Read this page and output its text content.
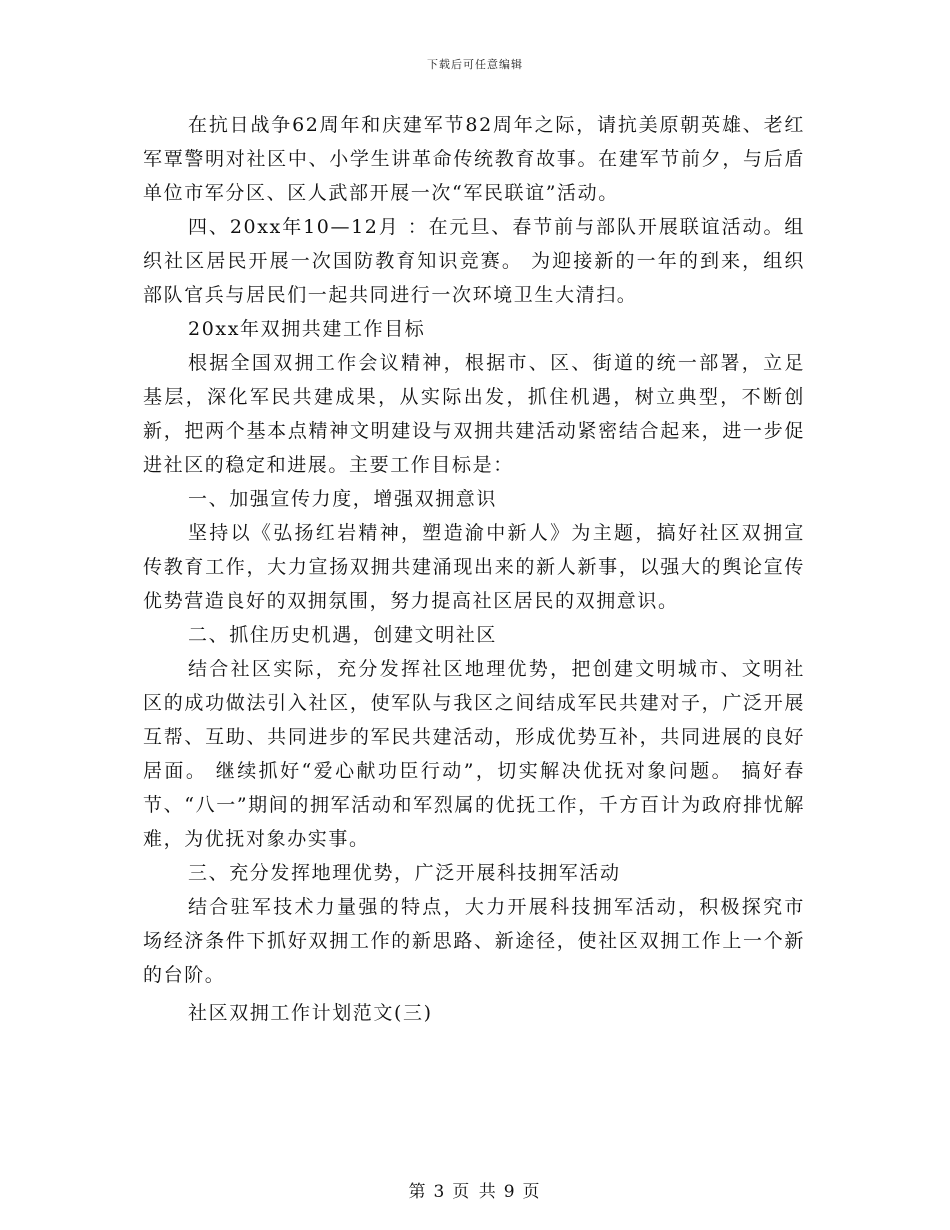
下载后可任意编辑

在抗日战争62周年和庆建军节82周年之际，请抗美原朝英雄、老红军覃警明对社区中、小学生讲革命传统教育故事。在建军节前夕，与后盾单位市军分区、区人武部开展一次“军民联谊”活动。

四、20xx年10—12月 ：在元旦、春节前与部队开展联谊活动。组织社区居民开展一次国防教育知识竞赛。 为迎接新的一年的到来，组织部队官兵与居民们一起共同进行一次环境卫生大清扫。

20xx年双拥共建工作目标

根据全国双拥工作会议精神，根据市、区、街道的统一部署，立足基层，深化军民共建成果，从实际出发，抓住机遇，树立典型，不断创新，把两个基本点精神文明建设与双拥共建活动紧密结合起来，进一步促进社区的稳定和进展。主要工作目标是：

一、加强宣传力度，增强双拥意识

坚持以《弘扬红岩精神，塑造渝中新人》为主题，搞好社区双拥宣传教育工作，大力宣扬双拥共建涌现出来的新人新事，以强大的舆论宣传优势营造良好的双拥氛围，努力提高社区居民的双拥意识。

二、抓住历史机遇，创建文明社区

结合社区实际，充分发挥社区地理优势，把创建文明城市、文明社区的成功做法引入社区，使军队与我区之间结成军民共建对子，广泛开展互帮、互助、共同进步的军民共建活动，形成优势互补，共同进展的良好居面。 继续抓好“爱心献功臣行动”，切实解决优抚对象问题。 搞好春节、“八一”期间的拥军活动和军烈属的优抚工作，千方百计为政府排忧解难，为优抚对象办实事。

三、充分发挥地理优势，广泛开展科技拥军活动

结合驻军技术力量强的特点，大力开展科技拥军活动，积极探究市场经济条件下抓好双拥工作的新思路、新途径，使社区双拥工作上一个新的台阶。

社区双拥工作计划范文(三)

第 3 页 共 9 页
